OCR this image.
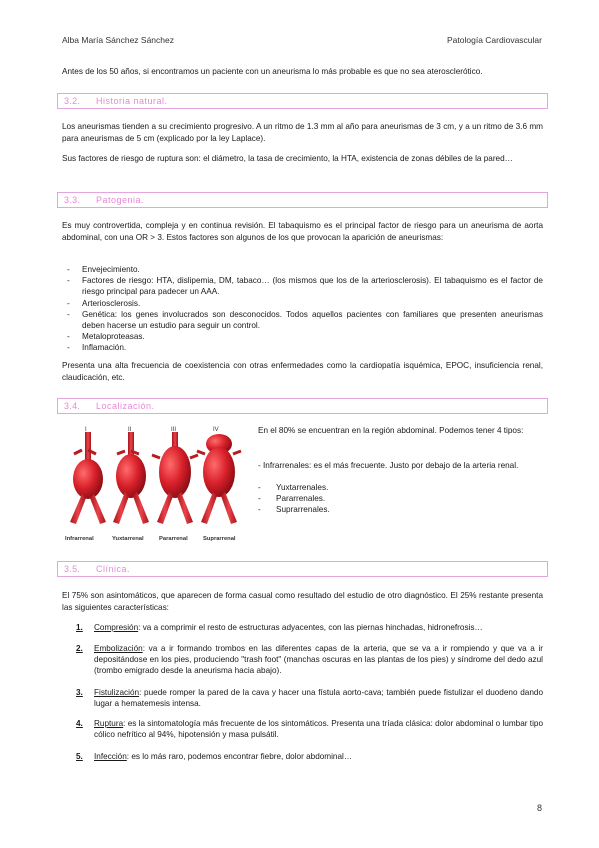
Alba María Sánchez Sánchez	Patología Cardiovascular

Antes de los 50 años, si encontramos un paciente con un aneurisma lo más probable es que no sea aterosclerótico.

3.2. Historia natural.

Los aneurismas tienden a su crecimiento progresivo. A un ritmo de 1.3 mm al año para aneurismas de 3 cm, y a un ritmo de 3.6 mm para aneurismas de 5 cm (explicado por la ley Laplace).

Sus factores de riesgo de ruptura son: el diámetro, la tasa de crecimiento, la HTA, existencia de zonas débiles de la pared…

3.3. Patogenia.

Es muy controvertida, compleja y en continua revisión. El tabaquismo es el principal factor de riesgo para un aneurisma de aorta abdominal, con una OR > 3. Estos factores son algunos de los que provocan la aparición de aneurismas:

- Envejecimiento.
- Factores de riesgo: HTA, dislipemia, DM, tabaco… (los mismos que los de la arteriosclerosis). El tabaquismo es el factor de riesgo principal para padecer un AAA.
- Arteriosclerosis.
- Genética: los genes involucrados son desconocidos. Todos aquellos pacientes con familiares que presenten aneurismas deben hacerse un estudio para seguir un control.
- Metaloproteasas.
- Inflamación.

Presenta una alta frecuencia de coexistencia con otras enfermedades como la cardiopatía isquémica, EPOC, insuficiencia renal, claudicación, etc.

3.4. Localización.
I	II	III	IV
Infrarrenal	Yuxtarrenal	Pararrenal	Suprarrenal

En el 80% se encuentran en la región abdominal. Podemos tener 4 tipos:

- Infrarrenales: es el más frecuente. Justo por debajo de la arteria renal.

- Yuxtarrenales.
- Pararrenales.
- Suprarrenales.
3.5. Clínica.

El 75% son asintomáticos, que aparecen de forma casual como resultado del estudio de otro diagnóstico. El 25% restante presenta las siguientes características:

1. Compresión: va a comprimir el resto de estructuras adyacentes, con las piernas hinchadas, hidronefrosis…
2. Embolización: va a ir formando trombos en las diferentes capas de la arteria, que se va a ir rompiendo y que va a ir depositándose en los pies, produciendo "trash foot" (manchas oscuras en las plantas de los pies) y síndrome del dedo azul (trombo emigrado desde la aneurisma hacia abajo).
3. Fistulización: puede romper la pared de la cava y hacer una fístula aorto-cava; también puede fistulizar el duodeno dando lugar a hematemesis intensa.
4. Ruptura: es la sintomatología más frecuente de los sintomáticos. Presenta una tríada clásica: dolor abdominal o lumbar tipo cólico nefrítico al 94%, hipotensión y masa pulsátil.
5. Infección: es lo más raro, podemos encontrar fiebre, dolor abdominal…
8
